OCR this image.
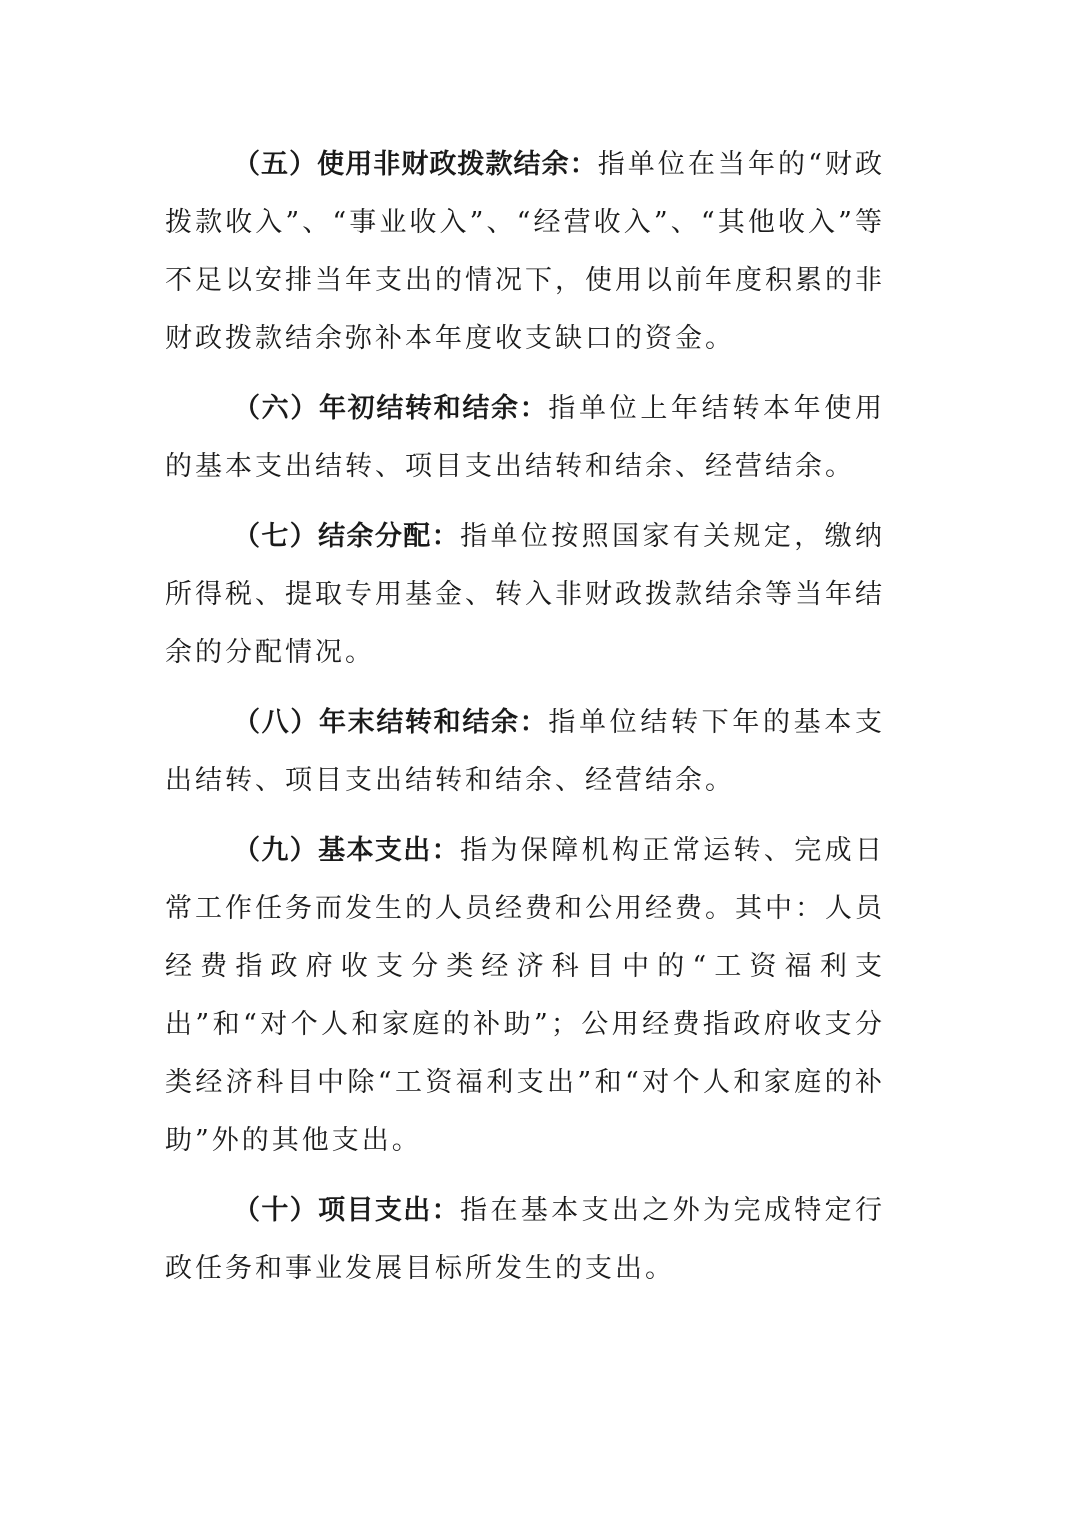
（五）使用非财政拨款结余：指单位在当年的“财政拨款收入”、“事业收入”、“经营收入”、“其他收入”等不足以安排当年支出的情况下，使用以前年度积累的非财政拨款结余弥补本年度收支缺口的资金。

（六）年初结转和结余：指单位上年结转本年使用的基本支出结转、项目支出结转和结余、经营结余。

（七）结余分配：指单位按照国家有关规定，缴纳所得税、提取专用基金、转入非财政拨款结余等当年结余的分配情况。

（八）年末结转和结余：指单位结转下年的基本支出结转、项目支出结转和结余、经营结余。

（九）基本支出：指为保障机构正常运转、完成日常工作任务而发生的人员经费和公用经费。其中：人员经费指政府收支分类经济科目中的“工资福利支出”和“对个人和家庭的补助”；公用经费指政府收支分类经济科目中除“工资福利支出”和“对个人和家庭的补助”外的其他支出。

（十）项目支出：指在基本支出之外为完成特定行政任务和事业发展目标所发生的支出。
